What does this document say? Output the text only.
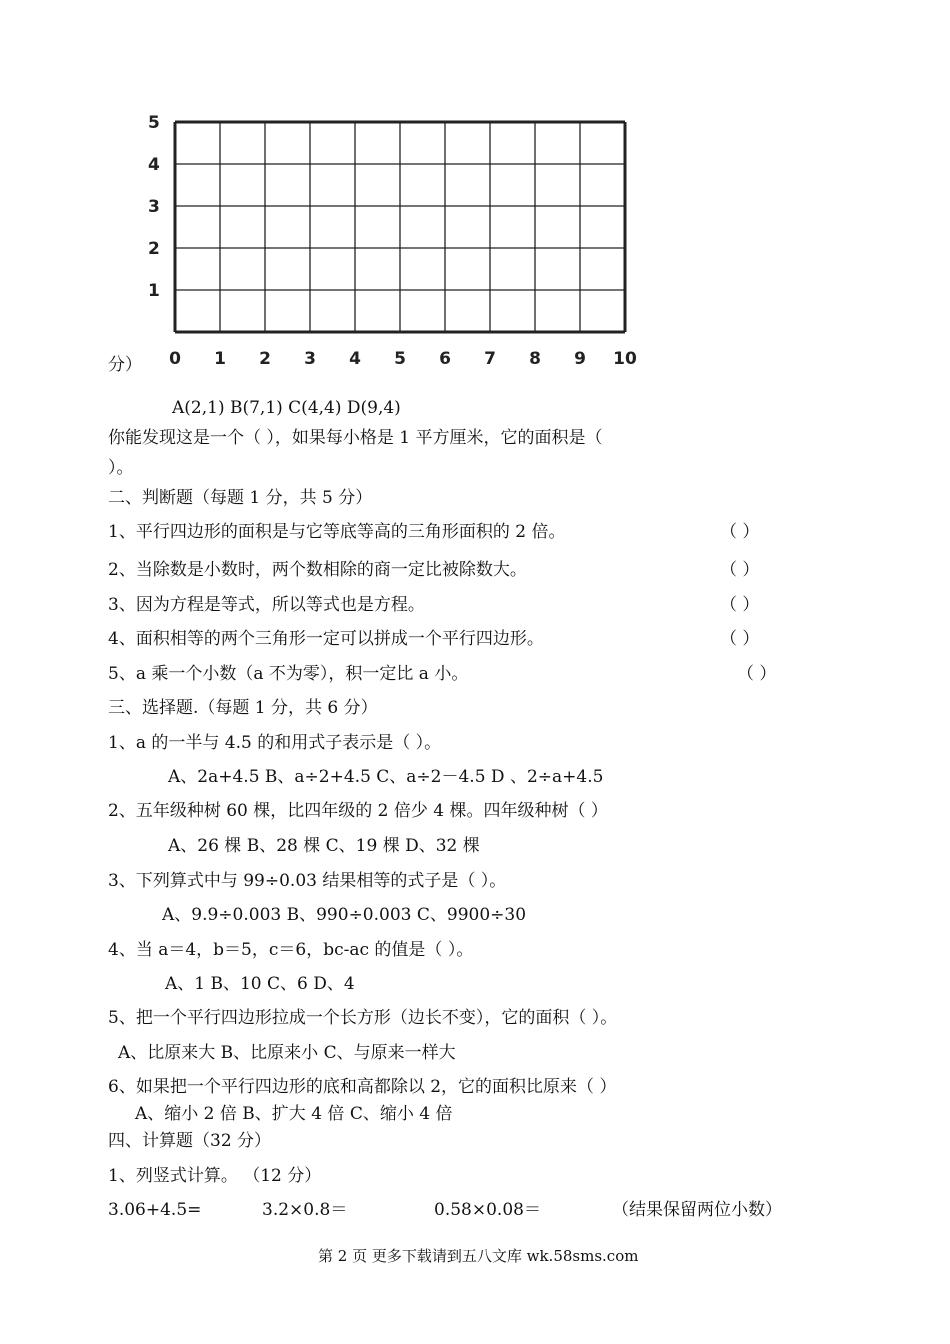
5
4
3
2
1
0 1 2 3 4 5 6 7 8 9 10
分）
A(2,1) B(7,1) C(4,4) D(9,4)
你能发现这是一个（ ），如果每小格是 1 平方厘米，它的面积是（
）。
二、判断题（每题 1 分，共 5 分）
1、平行四边形的面积是与它等底等高的三角形面积的 2 倍。	（ ）
2、当除数是小数时，两个数相除的商一定比被除数大。	（ ）
3、因为方程是等式，所以等式也是方程。	（ ）
4、面积相等的两个三角形一定可以拼成一个平行四边形。	（ ）
5、a 乘一个小数（a 不为零），积一定比 a 小。	（ ）
三、选择题.（每题 1 分，共 6 分）
1、a 的一半与 4.5 的和用式子表示是（ ）。
A、2a+4.5 B、a÷2+4.5 C、a÷2－4.5 D 、2÷a+4.5
2、五年级种树 60 棵，比四年级的 2 倍少 4 棵。四年级种树（ ）
A、26 棵 B、28 棵 C、19 棵 D、32 棵
3、下列算式中与 99÷0.03 结果相等的式子是（ ）。
A、9.9÷0.003 B、990÷0.003 C、9900÷30
4、当 a＝4，b＝5，c＝6，bc-ac 的值是（ ）。
A、1 B、10 C、6 D、4
5、把一个平行四边形拉成一个长方形（边长不变），它的面积（ ）。
A、比原来大 B、比原来小 C、与原来一样大
6、如果把一个平行四边形的底和高都除以 2，它的面积比原来（ ）
A、缩小 2 倍 B、扩大 4 倍 C、缩小 4 倍
四、计算题（32 分）
1、列竖式计算。 （12 分）
3.06+4.5=	3.2×0.8＝	0.58×0.08＝	（结果保留两位小数）
第 2 页 更多下载请到五八文库 wk.58sms.com
